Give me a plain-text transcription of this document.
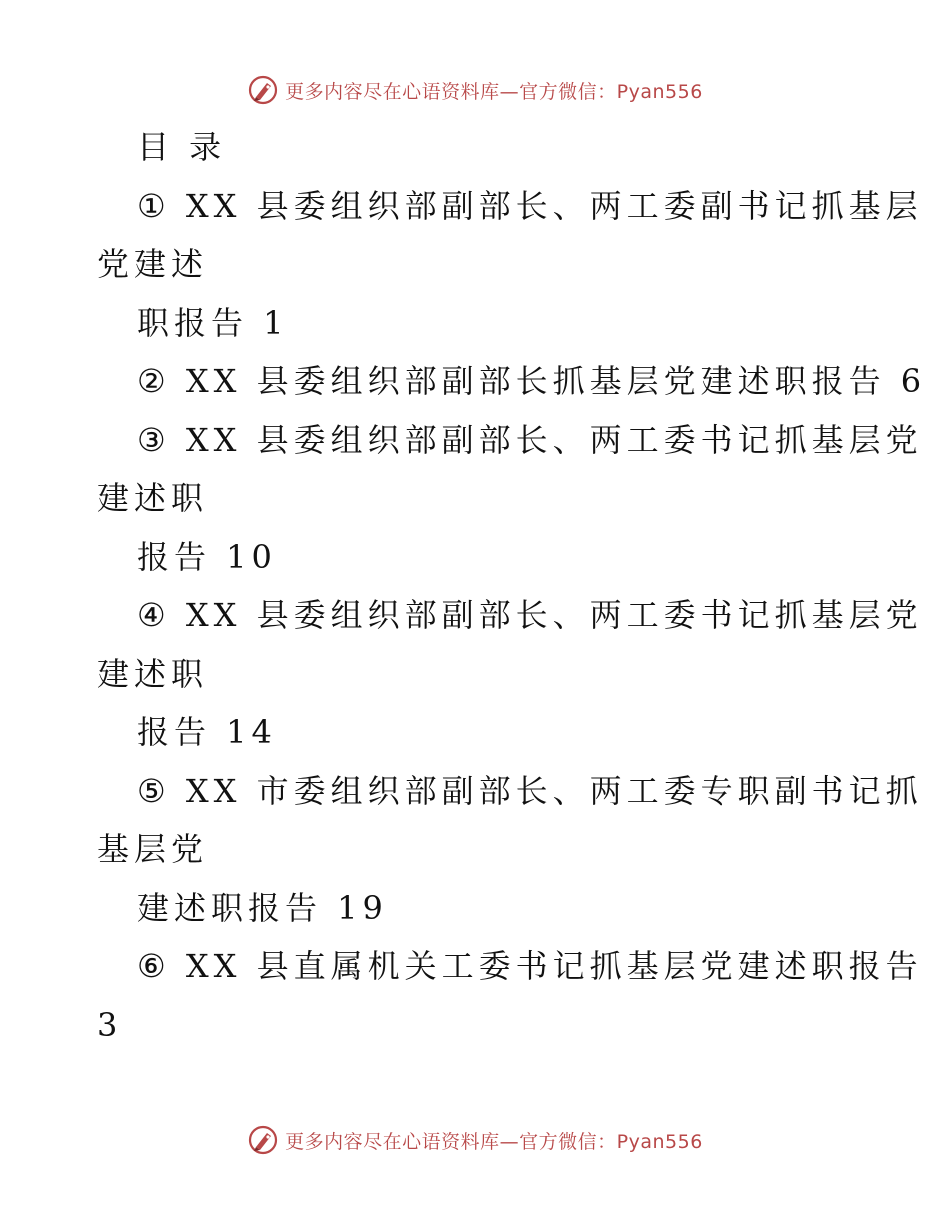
更多内容尽在心语资料库—官方微信：Pyan556
目 录
① XX 县委组织部副部长、两工委副书记抓基层
党建述
职报告 1
② XX 县委组织部副部长抓基层党建述职报告 6
③ XX 县委组织部副部长、两工委书记抓基层党
建述职
报告 10
④ XX 县委组织部副部长、两工委书记抓基层党
建述职
报告 14
⑤ XX 市委组织部副部长、两工委专职副书记抓
基层党
建述职报告 19
⑥ XX 县直属机关工委书记抓基层党建述职报告
3
更多内容尽在心语资料库—官方微信：Pyan556
